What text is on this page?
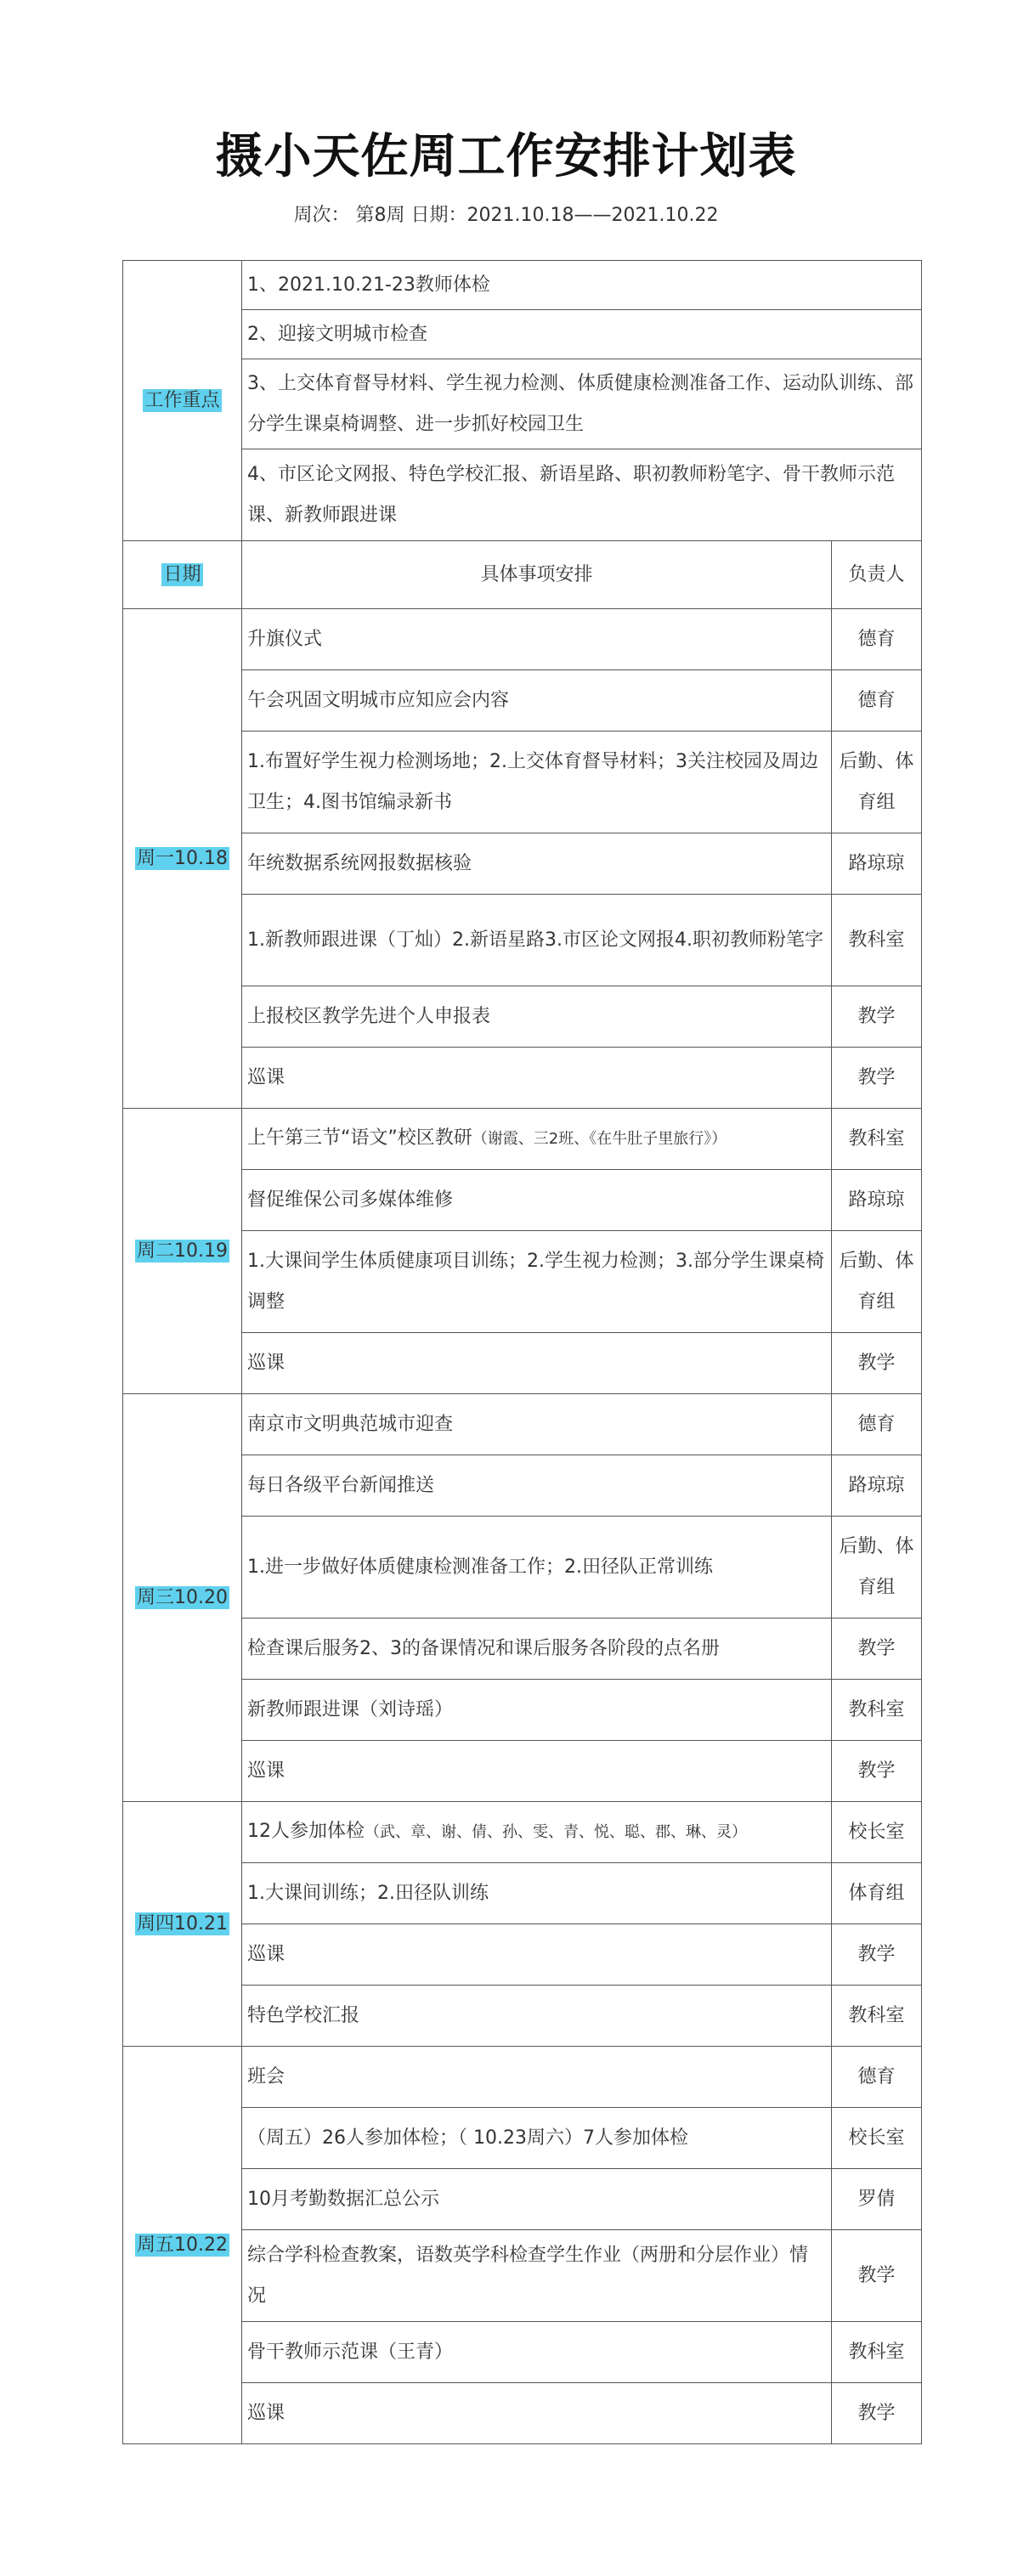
摄小天佐周工作安排计划表
周次： 第8周 日期：2021.10.18——2021.10.22
工作重点	1、2021.10.21-23教师体检	
	2、迎接文明城市检查	
	3、上交体育督导材料、学生视力检测、体质健康检测准备工作、运动队训练、部分学生课桌椅调整、进一步抓好校园卫生	
	4、市区论文网报、特色学校汇报、新语星路、职初教师粉笔字、骨干教师示范课、新教师跟进课	
日期	具体事项安排	负责人
周一10.18	升旗仪式	德育
	午会巩固文明城市应知应会内容	德育
	1.布置好学生视力检测场地；2.上交体育督导材料；3关注校园及周边卫生；4.图书馆编录新书	后勤、体育组
	年统数据系统网报数据核验	路琼琼
	1.新教师跟进课（丁灿）2.新语星路3.市区论文网报4.职初教师粉笔字	教科室
	上报校区教学先进个人申报表	教学
	巡课	教学
周二10.19	上午第三节“语文”校区教研（谢霞、三2班、《在牛肚子里旅行》）	教科室
	督促维保公司多媒体维修	路琼琼
	1.大课间学生体质健康项目训练；2.学生视力检测；3.部分学生课桌椅调整	后勤、体育组
	巡课	教学
周三10.20	南京市文明典范城市迎查	德育
	每日各级平台新闻推送	路琼琼
	1.进一步做好体质健康检测准备工作；2.田径队正常训练	后勤、体育组
	检查课后服务2、3的备课情况和课后服务各阶段的点名册	教学
	新教师跟进课（刘诗瑶）	教科室
	巡课	教学
周四10.21	12人参加体检（武、章、谢、倩、孙、雯、青、悦、聪、郡、琳、灵）	校长室
	1.大课间训练；2.田径队训练	体育组
	巡课	教学
	特色学校汇报	教科室
周五10.22	班会	德育
	（周五）26人参加体检；（ 10.23周六）7人参加体检	校长室
	10月考勤数据汇总公示	罗倩
	综合学科检查教案，语数英学科检查学生作业（两册和分层作业）情况	教学
	骨干教师示范课（王青）	教科室
	巡课	教学
